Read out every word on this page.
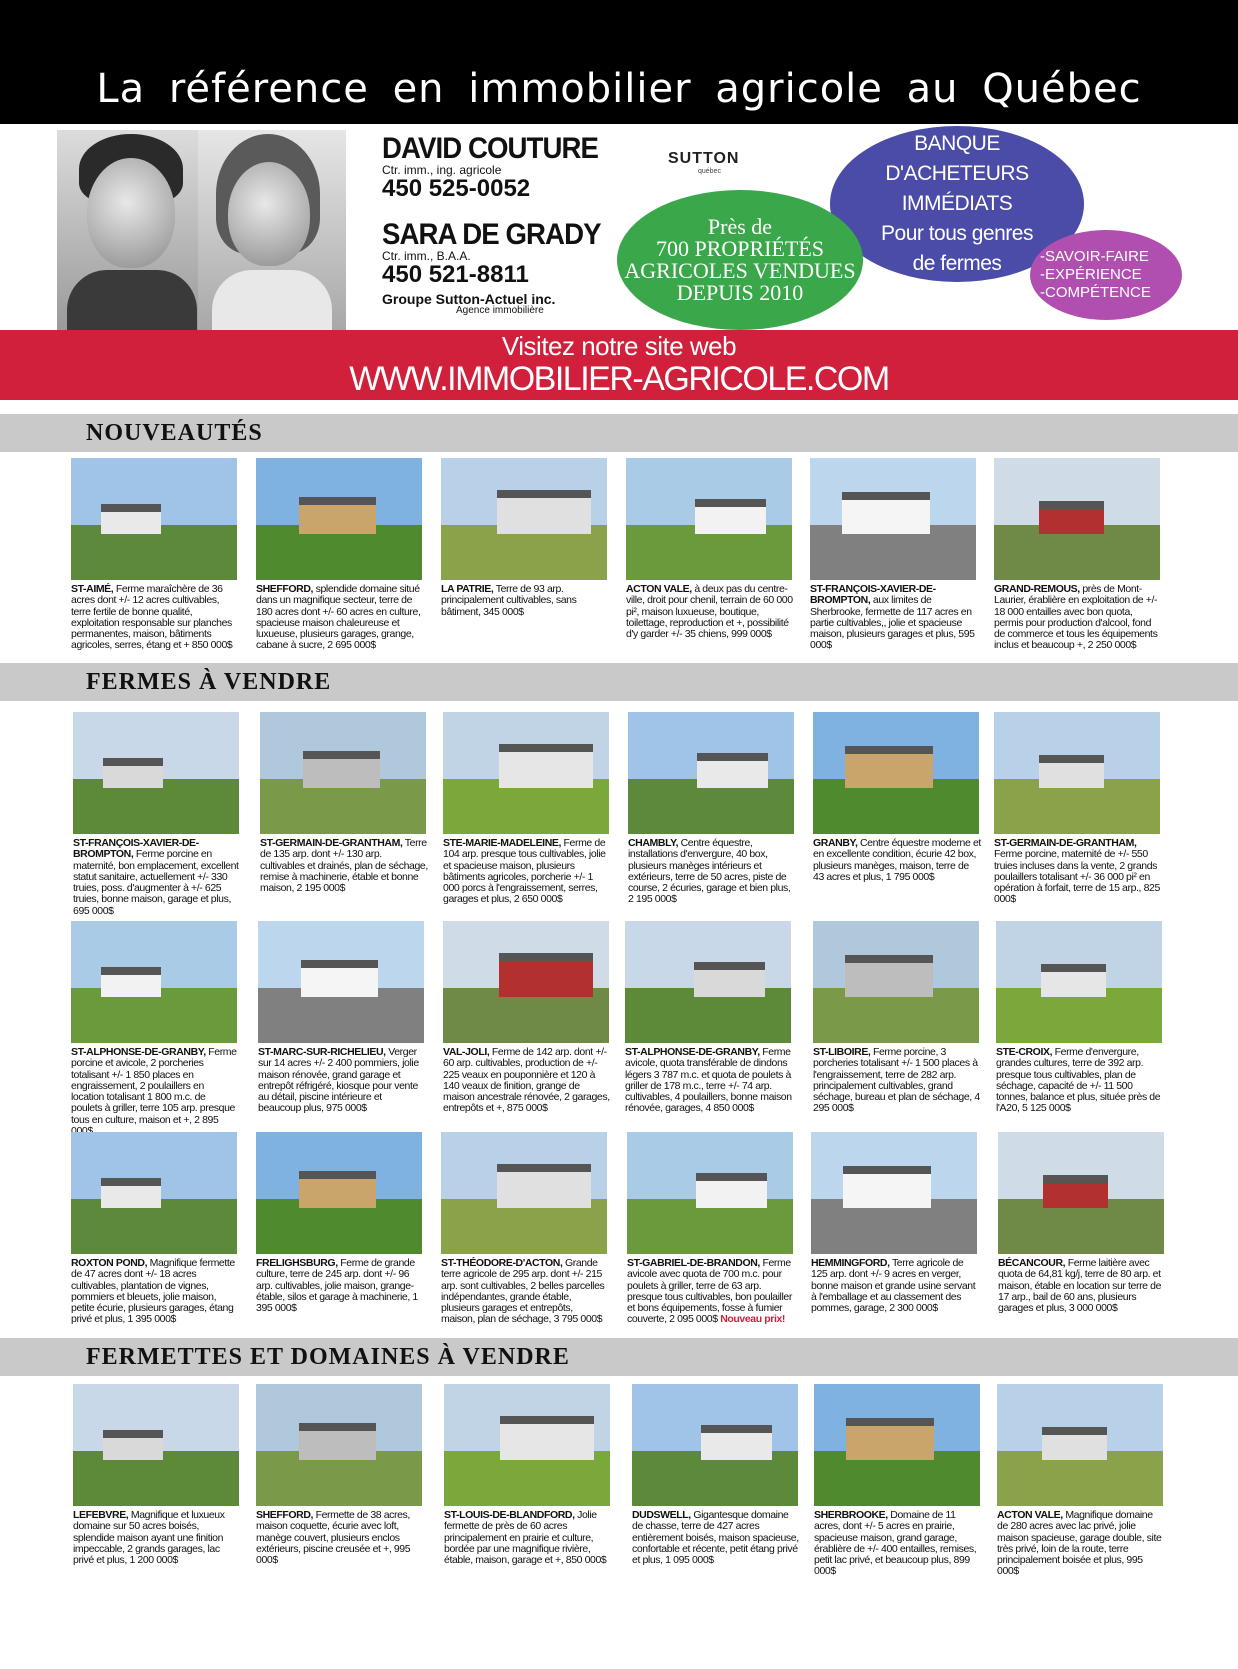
La référence en immobilier agricole au Québec
DAVID COUTURE
Ctr. imm., ing. agricole
450 525-0052
SARA DE GRADY
Ctr. imm., B.A.A.
450 521-8811
Groupe Sutton-Actuel inc.
Agence immobilière
SUTTON
québec
BANQUE
D'ACHETEURS IMMÉDIATS
Pour tous genres
de fermes
Près de
700 PROPRIÉTÉS
AGRICOLES VENDUES
DEPUIS 2010
-SAVOIR-FAIRE
-EXPÉRIENCE
-COMPÉTENCE
Visitez notre site web
WWW.IMMOBILIER-AGRICOLE.COM
NOUVEAUTÉS
FERMES À VENDRE
FERMETTES ET DOMAINES À VENDRE
ST-AIMÉ, Ferme maraîchère de 36 acres dont +/- 12 acres cultivables, terre fertile de bonne qualité, exploitation responsable sur planches permanentes, maison, bâtiments agricoles, serres, étang et + 850 000$
SHEFFORD, splendide domaine situé dans un magnifique secteur, terre de 180 acres dont +/- 60 acres en culture, spacieuse maison chaleureuse et luxueuse, plusieurs garages, grange, cabane à sucre, 2 695 000$
LA PATRIE, Terre de 93 arp. principalement cultivables, sans bâtiment, 345 000$
ACTON VALE, à deux pas du centre-ville, droit pour chenil, terrain de 60 000 pi², maison luxueuse, boutique, toilettage, reproduction et +, possibilité d'y garder +/- 35 chiens, 999 000$
ST-FRANÇOIS-XAVIER-DE-BROMPTON, aux limites de Sherbrooke, fermette de 117 acres en partie cultivables,, jolie et spacieuse maison, plusieurs garages et plus, 595 000$
GRAND-REMOUS, près de Mont-Laurier, érablière en exploitation de +/- 18 000 entailles avec bon quota, permis pour production d'alcool, fond de commerce et tous les équipements inclus et beaucoup +, 2 250 000$
ST-FRANÇOIS-XAVIER-DE-BROMPTON, Ferme porcine en maternité, bon emplacement, excellent statut sanitaire, actuellement +/- 330 truies, poss. d'augmenter à +/- 625 truies, bonne maison, garage et plus, 695 000$
ST-GERMAIN-DE-GRANTHAM, Terre de 135 arp. dont +/- 130 arp. cultivables et drainés, plan de séchage, remise à machinerie, étable et bonne maison, 2 195 000$
STE-MARIE-MADELEINE, Ferme de 104 arp. presque tous cultivables, jolie et spacieuse maison, plusieurs bâtiments agricoles, porcherie +/- 1 000 porcs à l'engraissement, serres, garages et plus, 2 650 000$
CHAMBLY, Centre équestre, installations d'envergure, 40 box, plusieurs manèges intérieurs et extérieurs, terre de 50 acres, piste de course, 2 écuries, garage et bien plus, 2 195 000$
GRANBY, Centre équestre moderne et en excellente condition, écurie 42 box, plusieurs manèges, maison, terre de 43 acres et plus, 1 795 000$
ST-GERMAIN-DE-GRANTHAM, Ferme porcine, maternité de +/- 550 truies incluses dans la vente, 2 grands poulaillers totalisant +/- 36 000 pi² en opération à forfait, terre de 15 arp., 825 000$
ST-ALPHONSE-DE-GRANBY, Ferme porcine et avicole, 2 porcheries totalisant +/- 1 850 places en engraissement, 2 poulaillers en location totalisant 1 800 m.c. de poulets à griller, terre 105 arp. presque tous en culture, maison et +, 2 895
ST-MARC-SUR-RICHELIEU, Verger sur 14 acres +/- 2 400 pommiers, jolie maison rénovée, grand garage et entrepôt réfrigéré, kiosque pour vente au détail, piscine intérieure et beaucoup plus, 975 000$
VAL-JOLI, Ferme de 142 arp. dont +/- 60 arp. cultivables, production de +/- 225 veaux en pouponnière et 120 à 140 veaux de finition, grange de maison ancestrale rénovée, 2 garages, entrepôts et +, 875 000$
ST-ALPHONSE-DE-GRANBY, Ferme avicole, quota transférable de dindons légers 3 787 m.c. et quota de poulets à griller de 178 m.c., terre +/- 74 arp. cultivables, 4 poulaillers, bonne maison rénovée, garages, 4 850 000$
ST-LIBOIRE, Ferme porcine, 3 porcheries totalisant +/- 1 500 places à l'engraissement, terre de 282 arp. principalement cultivables, grand séchage, bureau et plan de séchage, 4 295 000$
STE-CROIX, Ferme d'envergure, grandes cultures, terre de 392 arp. presque tous cultivables, plan de séchage, capacité de +/- 11 500 tonnes, balance et plus, située près de l'A20, 5 125 000$
ROXTON POND, Magnifique fermette de 47 acres dont +/- 18 acres cultivables, plantation de vignes, pommiers et bleuets, jolie maison, petite écurie, plusieurs garages, étang privé et plus, 1 395 000$
FRELIGHSBURG, Ferme de grande culture, terre de 245 arp. dont +/- 96 arp. cultivables, jolie maison, grange-étable, silos et garage à machinerie, 1 395 000$
ST-THÉODORE-D'ACTON, Grande terre agricole de 295 arp. dont +/- 215 arp. sont cultivables, 2 belles parcelles indépendantes, grande étable, plusieurs garages et entrepôts, maison, plan de séchage, 3 795 000$
ST-GABRIEL-DE-BRANDON, Ferme avicole avec quota de 700 m.c. pour poulets à griller, terre de 63 arp. presque tous cultivables, bon poulailler et bons équipements, fosse à fumier couverte, 2 095 000$ Nouveau prix!
HEMMINGFORD, Terre agricole de 125 arp. dont +/- 9 acres en verger, bonne maison et grande usine servant à l'emballage et au classement des pommes, garage, 2 300 000$
BÉCANCOUR, Ferme laitière avec quota de 64,81 kg/j, terre de 80 arp. et maison, étable en location sur terre de 17 arp., bail de 60 ans, plusieurs garages et plus, 3 000 000$
LEFEBVRE, Magnifique et luxueux domaine sur 50 acres boisés, splendide maison ayant une finition impeccable, 2 grands garages, lac privé et plus, 1 200 000$
SHEFFORD, Fermette de 38 acres, maison coquette, écurie avec loft, manège couvert, plusieurs enclos extérieurs, piscine creusée et +, 995 000$
ST-LOUIS-DE-BLANDFORD, Jolie fermette de près de 60 acres principalement en prairie et culture, bordée par une magnifique rivière, étable, maison, garage et +, 850 000$
DUDSWELL, Gigantesque domaine de chasse, terre de 427 acres entièrement boisés, maison spacieuse, confortable et récente, petit étang privé et plus, 1 095 000$
SHERBROOKE, Domaine de 11 acres, dont +/- 5 acres en prairie, spacieuse maison, grand garage, érablière de +/- 400 entailles, remises, petit lac privé, et beaucoup plus, 899 000$
ACTON VALE, Magnifique domaine de 280 acres avec lac privé, jolie maison spacieuse, garage double, site très privé, loin de la route, terre principalement boisée et plus, 995 000$
